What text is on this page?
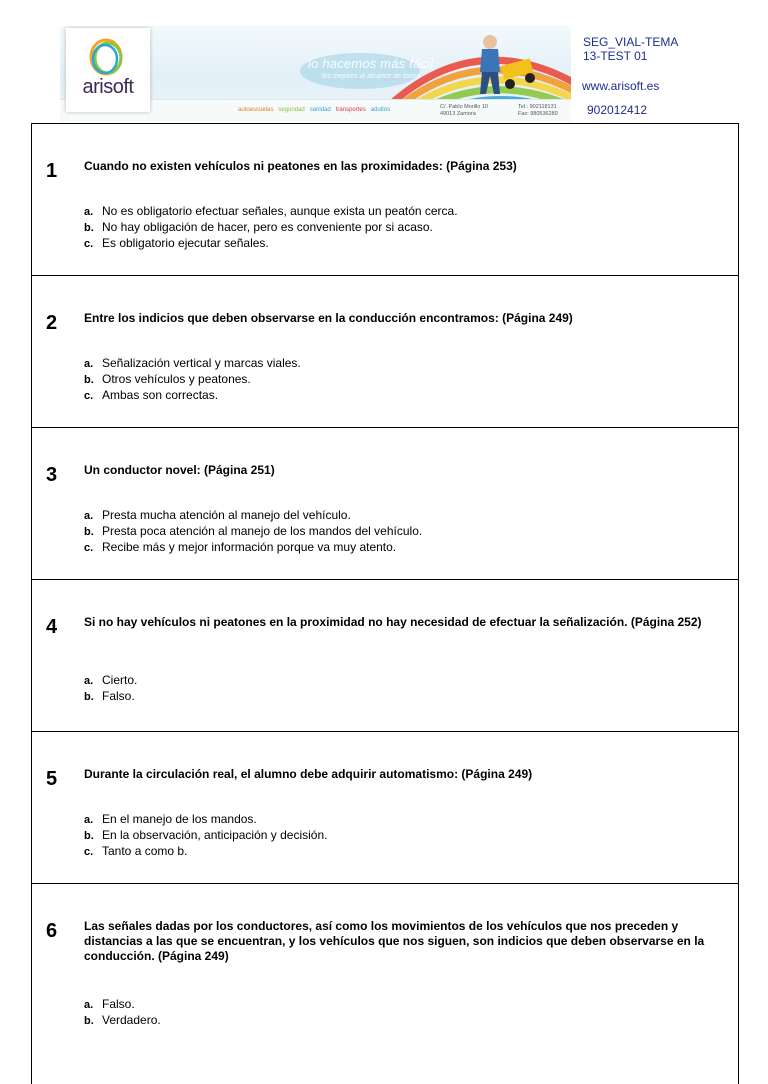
lo hacemos más fácil
los mejores al alcance de todos
autoescuelas seguridad sanidad transportes adultos	C/. Pablo Morillo 10
49013 Zamora
Tel.: 902118131
Fax: 980536280
arisoft
SEG_VIAL-TEMA
13-TEST 01
www.arisoft.es
902012412
1 Cuando no existen vehículos ni peatones en las proximidades: (Página 253)
a. No es obligatorio efectuar señales, aunque exista un peatón cerca.
b. No hay obligación de hacer, pero es conveniente por si acaso.
c. Es obligatorio ejecutar señales.
2 Entre los indicios que deben observarse en la conducción encontramos: (Página 249)
a. Señalización vertical y marcas viales.
b. Otros vehículos y peatones.
c. Ambas son correctas.
3 Un conductor novel: (Página 251)
a. Presta mucha atención al manejo del vehículo.
b. Presta poca atención al manejo de los mandos del vehículo.
c. Recibe más y mejor información porque va muy atento.
4 Si no hay vehículos ni peatones en la proximidad no hay necesidad de efectuar la señalización. (Página 252)
a. Cierto.
b. Falso.
5 Durante la circulación real, el alumno debe adquirir automatismo: (Página 249)
a. En el manejo de los mandos.
b. En la observación, anticipación y decisión.
c. Tanto a como b.
6 Las señales dadas por los conductores, así como los movimientos de los vehículos que nos preceden y distancias a las que se encuentran, y los vehículos que nos siguen, son indicios que deben observarse en la conducción. (Página 249)
a. Falso.
b. Verdadero.
